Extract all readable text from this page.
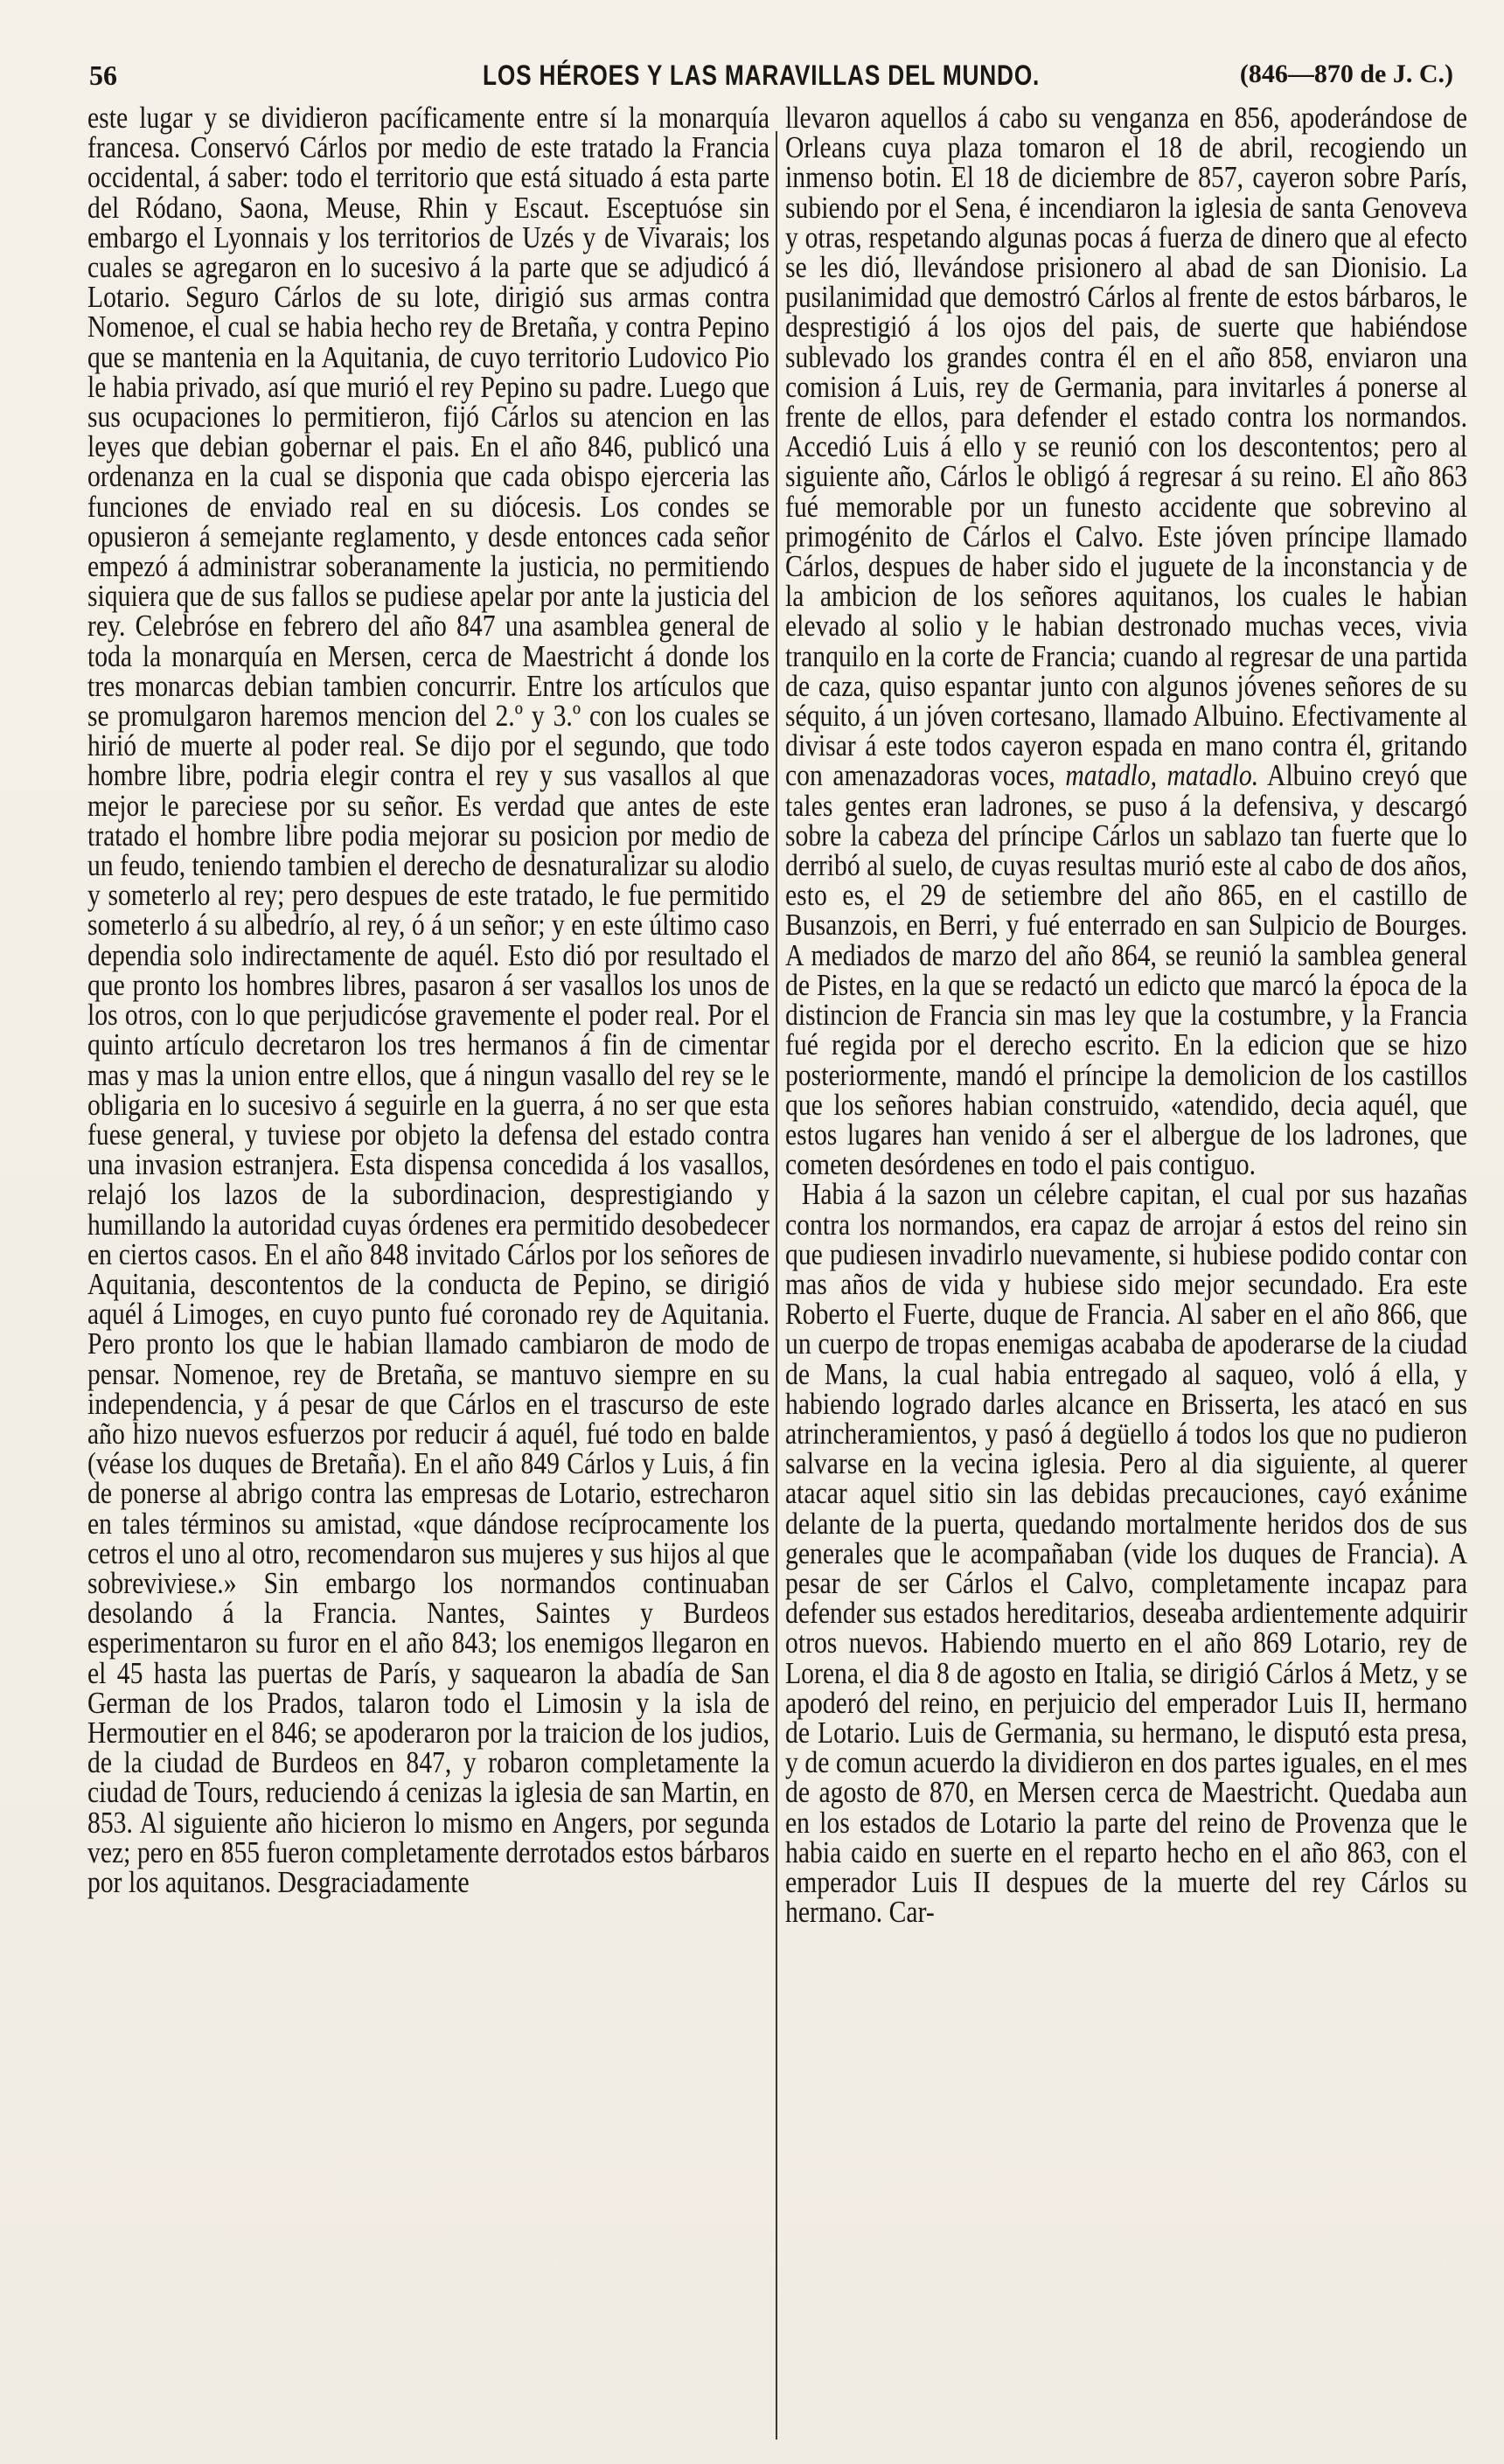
56	LOS HÉROES Y LAS MARAVILLAS DEL MUNDO.	(846—870 de J. C.)

este lugar y se dividieron pacíficamente entre sí la monarquía francesa. Conservó Cárlos por medio de este tratado la Francia occidental, á saber: todo el territorio que está situado á esta parte del Ródano, Saona, Meuse, Rhin y Escaut. Esceptuóse sin embargo el Lyonnais y los territorios de Uzés y de Vivarais; los cuales se agregaron en lo sucesivo á la parte que se adjudicó á Lotario. Seguro Cárlos de su lote, dirigió sus armas contra Nomenoe, el cual se habia hecho rey de Bretaña, y contra Pepino que se mantenia en la Aquitania, de cuyo territorio Ludovico Pio le habia privado, así que murió el rey Pepino su padre. Luego que sus ocupaciones lo permitieron, fijó Cárlos su atencion en las leyes que debian gobernar el pais. En el año 846, publicó una ordenanza en la cual se disponia que cada obispo ejerceria las funciones de enviado real en su diócesis. Los condes se opusieron á semejante reglamento, y desde entonces cada señor empezó á administrar soberanamente la justicia, no permitiendo siquiera que de sus fallos se pudiese apelar por ante la justicia del rey. Celebróse en febrero del año 847 una asamblea general de toda la monarquía en Mersen, cerca de Maestricht á donde los tres monarcas debian tambien concurrir. Entre los artículos que se promulgaron haremos mencion del 2.º y 3.º con los cuales se hirió de muerte al poder real. Se dijo por el segundo, que todo hombre libre, podria elegir contra el rey y sus vasallos al que mejor le pareciese por su señor. Es verdad que antes de este tratado el hombre libre podia mejorar su posicion por medio de un feudo, teniendo tambien el derecho de desnaturalizar su alodio y someterlo al rey; pero despues de este tratado, le fue permitido someterlo á su albedrío, al rey, ó á un señor; y en este último caso dependia solo indirectamente de aquél. Esto dió por resultado el que pronto los hombres libres, pasaron á ser vasallos los unos de los otros, con lo que perjudicóse gravemente el poder real. Por el quinto artículo decretaron los tres hermanos á fin de cimentar mas y mas la union entre ellos, que á ningun vasallo del rey se le obligaria en lo sucesivo á seguirle en la guerra, á no ser que esta fuese general, y tuviese por objeto la defensa del estado contra una invasion estranjera. Esta dispensa concedida á los vasallos, relajó los lazos de la subordinacion, desprestigiando y humillando la autoridad cuyas órdenes era permitido desobedecer en ciertos casos. En el año 848 invitado Cárlos por los señores de Aquitania, descontentos de la conducta de Pepino, se dirigió aquél á Limoges, en cuyo punto fué coronado rey de Aquitania. Pero pronto los que le habian llamado cambiaron de modo de pensar. Nomenoe, rey de Bretaña, se mantuvo siempre en su independencia, y á pesar de que Cárlos en el trascurso de este año hizo nuevos esfuerzos por reducir á aquél, fué todo en balde (véase los duques de Bretaña). En el año 849 Cárlos y Luis, á fin de ponerse al abrigo contra las empresas de Lotario, estrecharon en tales términos su amistad, «que dándose recíprocamente los cetros el uno al otro, recomendaron sus mujeres y sus hijos al que sobreviviese.» Sin embargo los normandos continuaban desolando á la Francia. Nantes, Saintes y Burdeos esperimentaron su furor en el año 843; los enemigos llegaron en el 45 hasta las puertas de París, y saquearon la abadía de San German de los Prados, talaron todo el Limosin y la isla de Hermoutier en el 846; se apoderaron por la traicion de los judios, de la ciudad de Burdeos en 847, y robaron completamente la ciudad de Tours, reduciendo á cenizas la iglesia de san Martin, en 853. Al siguiente año hicieron lo mismo en Angers, por segunda vez; pero en 855 fueron completamente derrotados estos bárbaros por los aquitanos. Desgraciadamente

llevaron aquellos á cabo su venganza en 856, apoderándose de Orleans cuya plaza tomaron el 18 de abril, recogiendo un inmenso botin. El 18 de diciembre de 857, cayeron sobre París, subiendo por el Sena, é incendiaron la iglesia de santa Genoveva y otras, respetando algunas pocas á fuerza de dinero que al efecto se les dió, llevándose prisionero al abad de san Dionisio. La pusilanimidad que demostró Cárlos al frente de estos bárbaros, le desprestigió á los ojos del pais, de suerte que habiéndose sublevado los grandes contra él en el año 858, enviaron una comision á Luis, rey de Germania, para invitarles á ponerse al frente de ellos, para defender el estado contra los normandos. Accedió Luis á ello y se reunió con los descontentos; pero al siguiente año, Cárlos le obligó á regresar á su reino. El año 863 fué memorable por un funesto accidente que sobrevino al primogénito de Cárlos el Calvo. Este jóven príncipe llamado Cárlos, despues de haber sido el juguete de la inconstancia y de la ambicion de los señores aquitanos, los cuales le habian elevado al solio y le habian destronado muchas veces, vivia tranquilo en la corte de Francia; cuando al regresar de una partida de caza, quiso espantar junto con algunos jóvenes señores de su séquito, á un jóven cortesano, llamado Albuino. Efectivamente al divisar á este todos cayeron espada en mano contra él, gritando con amenazadoras voces, matadlo, matadlo. Albuino creyó que tales gentes eran ladrones, se puso á la defensiva, y descargó sobre la cabeza del príncipe Cárlos un sablazo tan fuerte que lo derribó al suelo, de cuyas resultas murió este al cabo de dos años, esto es, el 29 de setiembre del año 865, en el castillo de Busanzois, en Berri, y fué enterrado en san Sulpicio de Bourges. A mediados de marzo del año 864, se reunió la samblea general de Pistes, en la que se redactó un edicto que marcó la época de la distincion de Francia sin mas ley que la costumbre, y la Francia fué regida por el derecho escrito. En la edicion que se hizo posteriormente, mandó el príncipe la demolicion de los castillos que los señores habian construido, «atendido, decia aquél, que estos lugares han venido á ser el albergue de los ladrones, que cometen desórdenes en todo el pais contiguo.

Habia á la sazon un célebre capitan, el cual por sus hazañas contra los normandos, era capaz de arrojar á estos del reino sin que pudiesen invadirlo nuevamente, si hubiese podido contar con mas años de vida y hubiese sido mejor secundado. Era este Roberto el Fuerte, duque de Francia. Al saber en el año 866, que un cuerpo de tropas enemigas acababa de apoderarse de la ciudad de Mans, la cual habia entregado al saqueo, voló á ella, y habiendo logrado darles alcance en Brisserta, les atacó en sus atrincheramientos, y pasó á degüello á todos los que no pudieron salvarse en la vecina iglesia. Pero al dia siguiente, al querer atacar aquel sitio sin las debidas precauciones, cayó exánime delante de la puerta, quedando mortalmente heridos dos de sus generales que le acompañaban (vide los duques de Francia). A pesar de ser Cárlos el Calvo, completamente incapaz para defender sus estados hereditarios, deseaba ardientemente adquirir otros nuevos. Habiendo muerto en el año 869 Lotario, rey de Lorena, el dia 8 de agosto en Italia, se dirigió Cárlos á Metz, y se apoderó del reino, en perjuicio del emperador Luis II, hermano de Lotario. Luis de Germania, su hermano, le disputó esta presa, y de comun acuerdo la dividieron en dos partes iguales, en el mes de agosto de 870, en Mersen cerca de Maestricht. Quedaba aun en los estados de Lotario la parte del reino de Provenza que le habia caido en suerte en el reparto hecho en el año 863, con el emperador Luis II despues de la muerte del rey Cárlos su hermano. Car-
